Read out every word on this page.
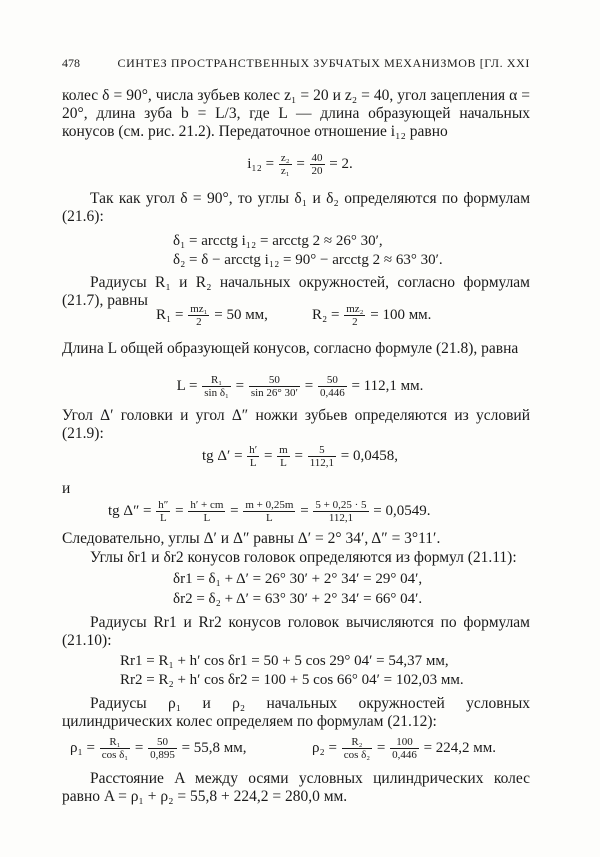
478	СИНТЕЗ ПРОСТРАНСТВЕННЫХ ЗУБЧАТЫХ МЕХАНИЗМОВ [ГЛ. XXI
колес δ = 90°, числа зубьев колес z₁ = 20 и z₂ = 40, угол зацепления α = 20°, длина зуба b = L/3, где L — длина образующей начальных конусов (см. рис. 21.2). Передаточное отношение i₁₂ равно
$i_{12} = \frac{\text{z₂}}{\text{z₁}} = \frac{40}{20} = 2$.
Так как угол δ = 90°, то углы δ₁ и δ₂ определяются по формулам (21.6):
δ₁ = arcctg i₁₂ = arcctg 2 ≈ 26° 30′,
δ₂ = δ − arcctg i₁₂ = 90° − arcctg 2 ≈ 63° 30′.
Радиусы R₁ и R₂ начальных окружностей, согласно формулам (21.7), равны
$R_1 = \frac{\text{mz₁}}{2} = 50$ мм,	$R_2 = \frac{\text{mz₂}}{2} = 100$ мм.
Длина L общей образующей конусов, согласно формуле (21.8), равна
$L = \frac{\text{R₁}}{\text{sin δ₁}} = \frac{50}{\sin 26^\circ 30'} = \frac{50}{0,446} = 112,1$ мм.
Угол Δ′ головки и угол Δ″ ножки зубьев определяются из условий (21.9):
tg $\Delta' = \frac{h'}{L} = \frac{m}{L} = \frac{5}{112,1} = 0,0458$,
и
tg $\Delta'' = \frac{h''}{L} = \frac{h' + cm}{L} = \frac{m + 0,25m}{L} = \frac{5 + 0,25 \cdot 5}{112,1} = 0,0549$.
Следовательно, углы Δ′ и Δ″ равны Δ′ = 2° 34′, Δ″ = 3°11′.
Углы δr1 и δr2 конусов головок определяются из формул (21.11):
δr1 = δ₁ + Δ′ = 26° 30′ + 2° 34′ = 29° 04′,
δr2 = δ₂ + Δ′ = 63° 30′ + 2° 34′ = 66° 04′.
Радиусы Rr1 и Rr2 конусов головок вычисляются по формулам (21.10):
Rr1 = R₁ + h′ cos δr1 = 50 + 5 cos 29° 04′ = 54,37 мм,
Rr2 = R₂ + h′ cos δr2 = 100 + 5 cos 66° 04′ = 102,03 мм.
Радиусы ρ₁ и ρ₂ начальных окружностей условных цилиндрических колес определяем по формулам (21.12):
$\rho_1 = \frac{\text{R₁}}{\text{cos δ₁}} = \frac{50}{0,895} = 55,8$ мм,	$\rho_2 = \frac{\text{R₂}}{\text{cos δ₂}} = \frac{100}{0,446} = 224,2$ мм.
Расстояние A между осями условных цилиндрических колес равно A = ρ₁ + ρ₂ = 55,8 + 224,2 = 280,0 мм.
